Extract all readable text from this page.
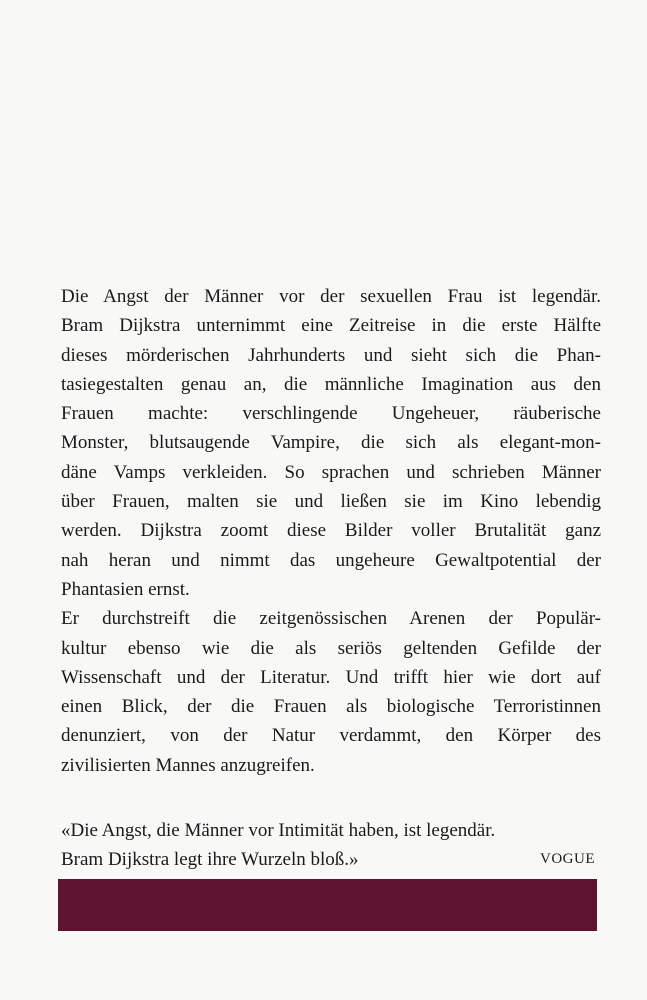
Die Angst der Männer vor der sexuellen Frau ist legendär.
Bram Dijkstra unternimmt eine Zeitreise in die erste Hälfte
dieses mörderischen Jahrhunderts und sieht sich die Phan-
tasiegestalten genau an, die männliche Imagination aus den
Frauen machte: verschlingende Ungeheuer, räuberische
Monster, blutsaugende Vampire, die sich als elegant-mon-
däne Vamps verkleiden. So sprachen und schrieben Männer
über Frauen, malten sie und ließen sie im Kino lebendig
werden. Dijkstra zoomt diese Bilder voller Brutalität ganz
nah heran und nimmt das ungeheure Gewaltpotential der
Phantasien ernst.

Er durchstreift die zeitgenössischen Arenen der Populär-
kultur ebenso wie die als seriös geltenden Gefilde der
Wissenschaft und der Literatur. Und trifft hier wie dort auf
einen Blick, der die Frauen als biologische Terroristinnen
denunziert, von der Natur verdammt, den Körper des
zivilisierten Mannes anzugreifen.

«Die Angst, die Männer vor Intimität haben, ist legendär.
Bram Dijkstra legt ihre Wurzeln bloß.»	VOGUE
